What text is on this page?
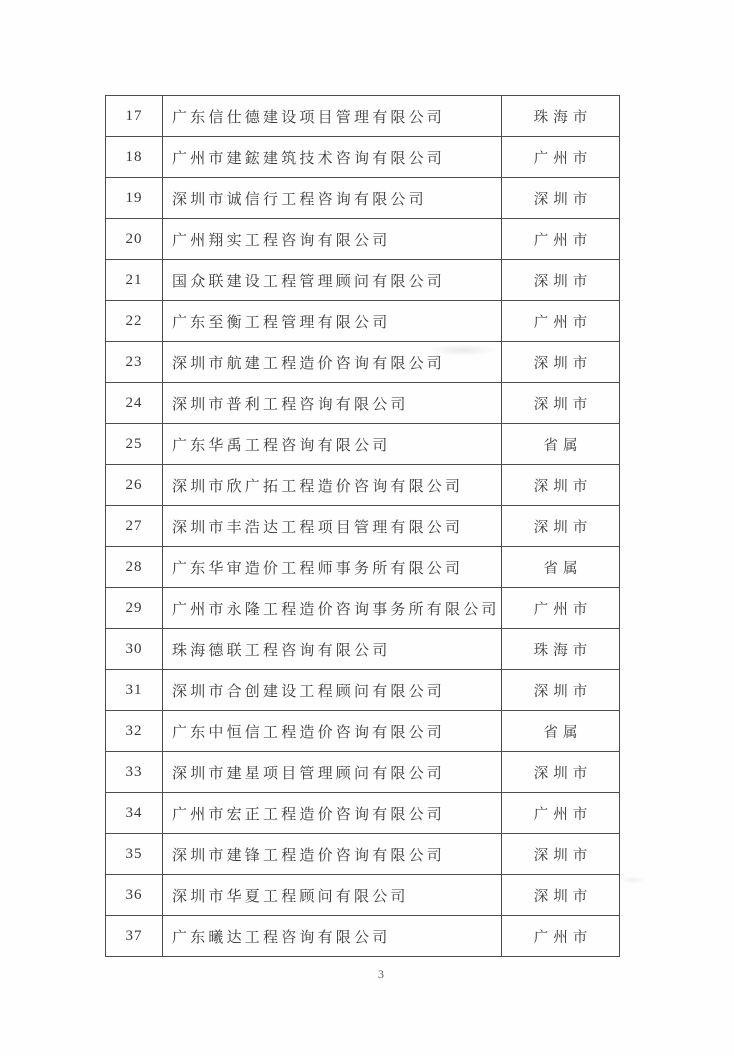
17	广东信仕德建设项目管理有限公司	珠海市
18	广州市建鋐建筑技术咨询有限公司	广州市
19	深圳市诚信行工程咨询有限公司	深圳市
20	广州翔实工程咨询有限公司	广州市
21	国众联建设工程管理顾问有限公司	深圳市
22	广东至衡工程管理有限公司	广州市
23	深圳市航建工程造价咨询有限公司	深圳市
24	深圳市普利工程咨询有限公司	深圳市
25	广东华禹工程咨询有限公司	省属
26	深圳市欣广拓工程造价咨询有限公司	深圳市
27	深圳市丰浩达工程项目管理有限公司	深圳市
28	广东华审造价工程师事务所有限公司	省属
29	广州市永隆工程造价咨询事务所有限公司	广州市
30	珠海德联工程咨询有限公司	珠海市
31	深圳市合创建设工程顾问有限公司	深圳市
32	广东中恒信工程造价咨询有限公司	省属
33	深圳市建星项目管理顾问有限公司	深圳市
34	广州市宏正工程造价咨询有限公司	广州市
35	深圳市建锋工程造价咨询有限公司	深圳市
36	深圳市华夏工程顾问有限公司	深圳市
37	广东曦达工程咨询有限公司	广州市
3
